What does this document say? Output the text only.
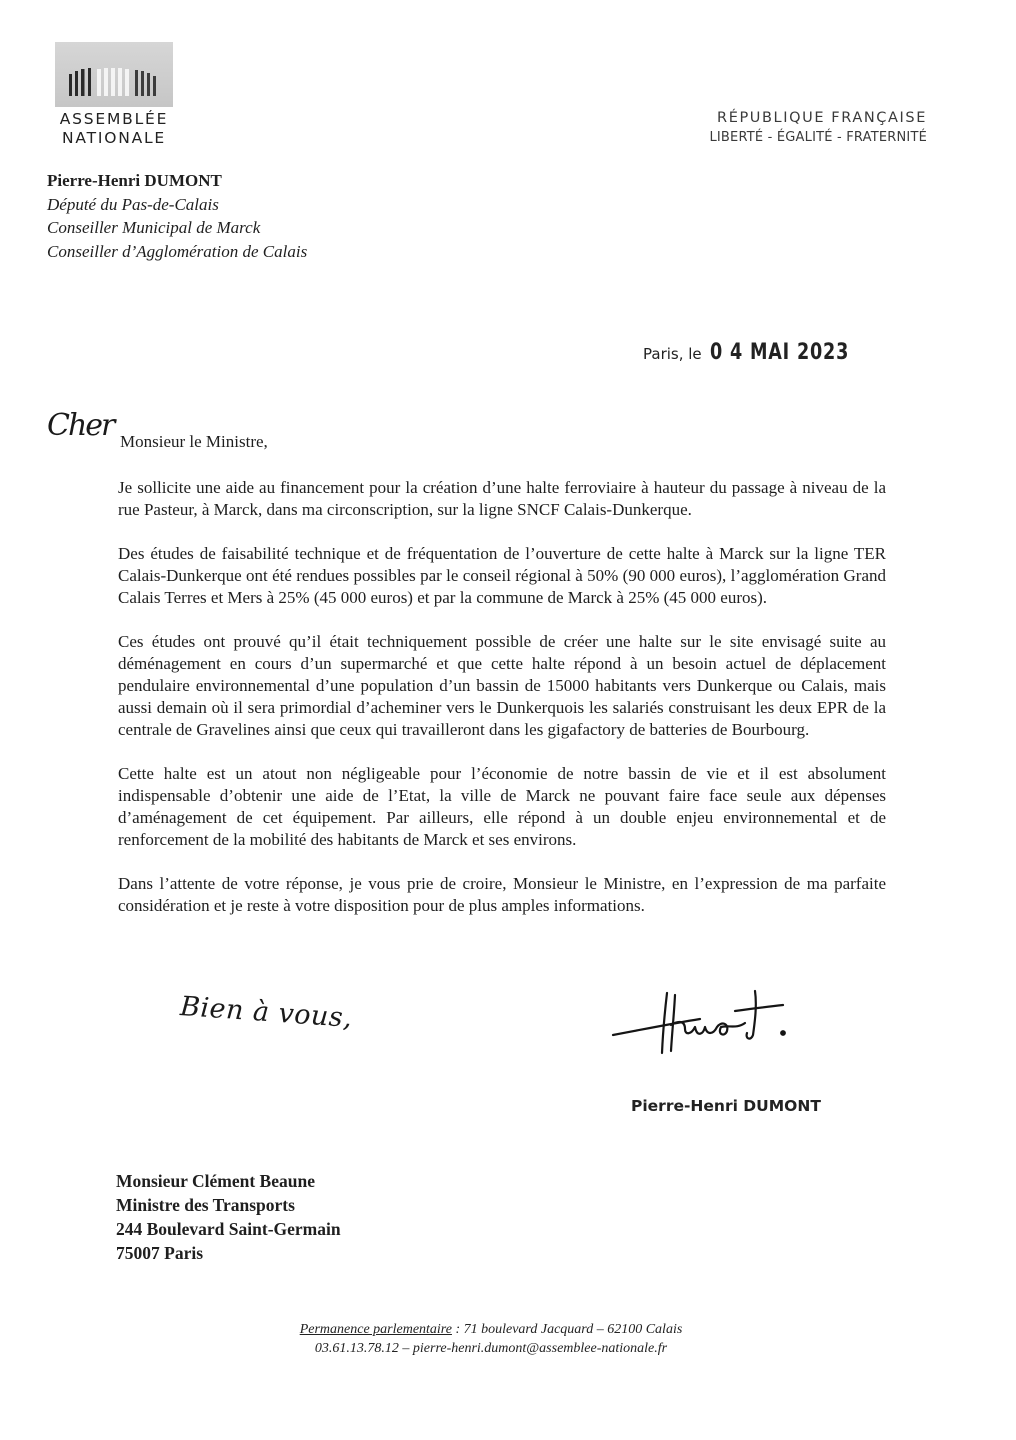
ASSEMBLÉE
NATIONALE
RÉPUBLIQUE FRANÇAISE
LIBERTÉ - ÉGALITÉ - FRATERNITÉ
Pierre-Henri DUMONT
Député du Pas-de-Calais
Conseiller Municipal de Marck
Conseiller d’Agglomération de Calais
Paris, le 0 4 MAI 2023
Cher Monsieur le Ministre,

Je sollicite une aide au financement pour la création d’une halte ferroviaire à hauteur du passage à niveau de la rue Pasteur, à Marck, dans ma circonscription, sur la ligne SNCF Calais-Dunkerque.

Des études de faisabilité technique et de fréquentation de l’ouverture de cette halte à Marck sur la ligne TER Calais-Dunkerque ont été rendues possibles par le conseil régional à 50% (90 000 euros), l’agglomération Grand Calais Terres et Mers à 25% (45 000 euros) et par la commune de Marck à 25% (45 000 euros).

Ces études ont prouvé qu’il était techniquement possible de créer une halte sur le site envisagé suite au déménagement en cours d’un supermarché et que cette halte répond à un besoin actuel de déplacement pendulaire environnemental d’une population d’un bassin de 15000 habitants vers Dunkerque ou Calais, mais aussi demain où il sera primordial d’acheminer vers le Dunkerquois les salariés construisant les deux EPR de la centrale de Gravelines ainsi que ceux qui travailleront dans les gigafactory de batteries de Bourbourg.

Cette halte est un atout non négligeable pour l’économie de notre bassin de vie et il est absolument indispensable d’obtenir une aide de l’Etat, la ville de Marck ne pouvant faire face seule aux dépenses d’aménagement de cet équipement. Par ailleurs, elle répond à un double enjeu environnemental et de renforcement de la mobilité des habitants de Marck et ses environs.

Dans l’attente de votre réponse, je vous prie de croire, Monsieur le Ministre, en l’expression de ma parfaite considération et je reste à votre disposition pour de plus amples informations.

Bien à vous,
Pierre-Henri DUMONT
Monsieur Clément Beaune
Ministre des Transports
244 Boulevard Saint-Germain
75007 Paris
Permanence parlementaire : 71 boulevard Jacquard – 62100 Calais
03.61.13.78.12 – pierre-henri.dumont@assemblee-nationale.fr
